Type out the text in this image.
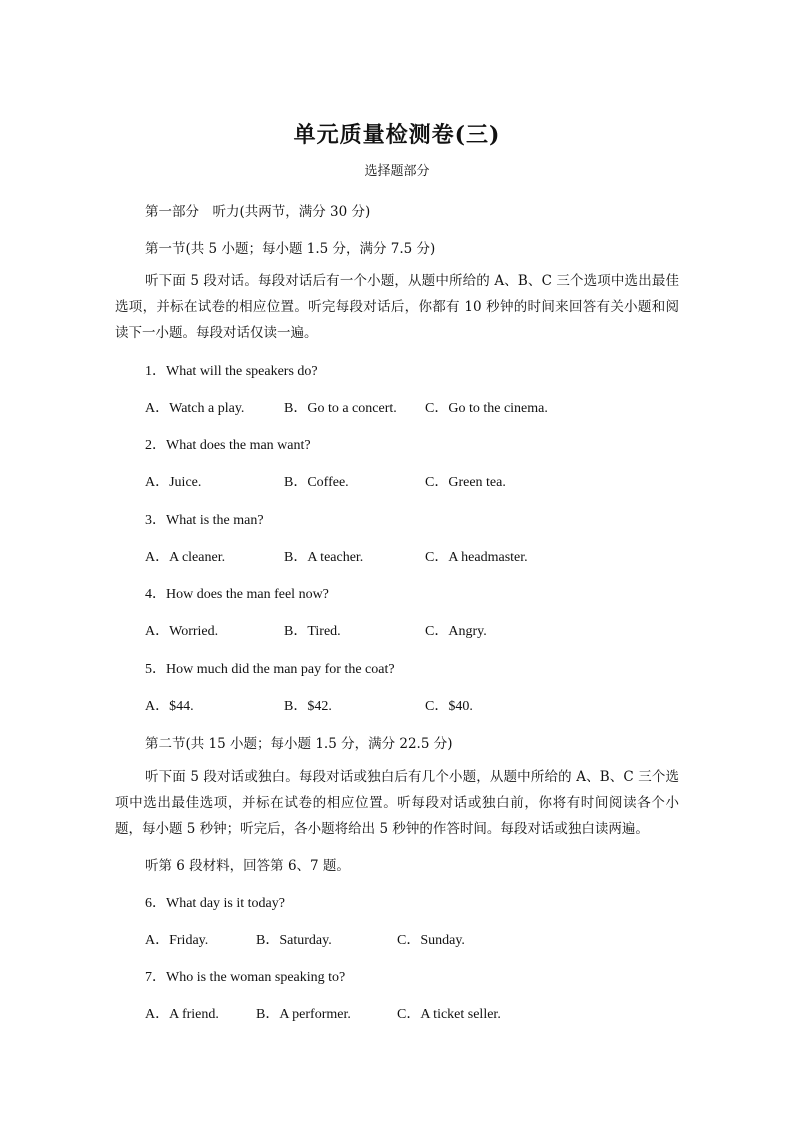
单元质量检测卷(三)
选择题部分
第一部分　听力(共两节，满分 30 分)
第一节(共 5 小题；每小题 1.5 分，满分 7.5 分)
听下面 5 段对话。每段对话后有一个小题，从题中所给的 A、B、C 三个选项中选出最佳选项，并标在试卷的相应位置。听完每段对话后，你都有 10 秒钟的时间来回答有关小题和阅读下一小题。每段对话仅读一遍。
1．What will the speakers do?
A．Watch a play.	B．Go to a concert. C．Go to the cinema.
2．What does the man want?
A．Juice.	B．Coffee.	C．Green tea.
3．What is the man?
A．A cleaner.	B．A teacher.	C．A headmaster.
4．How does the man feel now?
A．Worried.	B．Tired.	C．Angry.
5．How much did the man pay for the coat?
A．$44.	B．$42.	C．$40.
第二节(共 15 小题；每小题 1.5 分，满分 22.5 分)
听下面 5 段对话或独白。每段对话或独白后有几个小题，从题中所给的 A、B、C 三个选项中选出最佳选项，并标在试卷的相应位置。听每段对话或独白前，你将有时间阅读各个小题，每小题 5 秒钟；听完后，各小题将给出 5 秒钟的作答时间。每段对话或独白读两遍。
听第 6 段材料，回答第 6、7 题。
6．What day is it today?
A．Friday.	B．Saturday.	C．Sunday.
7．Who is the woman speaking to?
A．A friend.	B．A performer.	C．A ticket seller.
